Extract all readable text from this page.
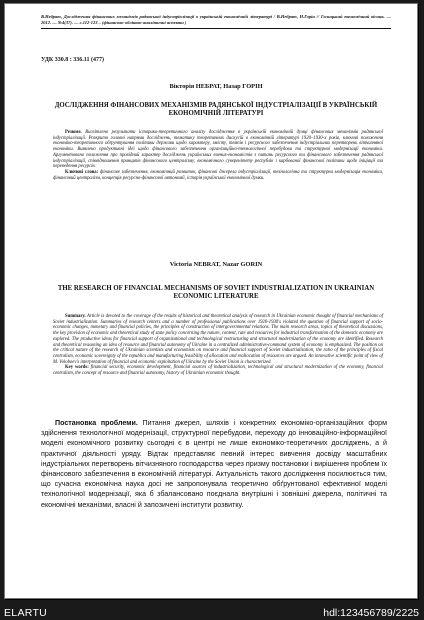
В.Небрат, Дослідження фінансових механізмів радянської індустріалізації в українській економічній літературі / В.Небрат, Н.Горін // Галицький економічний вісник. — 2012. — №4(37). — с.112-123 – (фінансово-обліково-аналітичні аспекти )
УДК 330.8 : 336.11 (477)
Вікторія НЕБРАТ, Назар ГОРІН
ДОСЛІДЖЕННЯ ФІНАНСОВИХ МЕХАНІЗМІВ РАДЯНСЬКОЇ ІНДУСТРІАЛІЗАЦІЇ В УКРАЇНСЬКІЙ ЕКОНОМІЧНІЙ ЛІТЕРАТУРІ

Резюме. Висвітлено результати історико-теоретичного аналізу дослідження в українській економічній думці фінансових механізмів радянської індустріалізації. Розкрито головні напрями досліджень, тематику теоретичних дискусій в економічній літературі 1920–1930-х років, ключові положення економіко-теоретичного обґрунтування політики держави щодо характеру, змісту, темпів і ресурсного забезпечення індустріальних перетворень вітчизняної економіки. Виявлено продуктивні ідеї щодо фінансового забезпечення організаційно-технологічної перебудови та структурної модернізації економіки. Аргументовано положення про провідний характер досліджень українських вчених-економістів з питань ресурсного та фінансового забезпечення радянської індустріалізації, співвідношення принципів фінансового централізму, економічного суверенітету республік і карбованої фінансової політики щодо ініціації та переведення ресурсів.

Ключові слова: фінансове забезпечення, економічний розвиток, фінансові джерела індустріалізації, технологічна та структурна модернізація економіки, фінансовий централізм, концепція ресурсно-фінансової автономії, історія української економічної думки.

Victoria NEBRAT, Nazar GORIN
THE RESEARCH OF FINANCIAL MECHANISMS OF SOVIET INDUSTRIALIZATION IN UKRAINIAN ECONOMIC LITERATURE

Summary. Article is devoted to the coverage of the results of historical and theoretical analysis of research in Ukrainian economic thought of financial mechanisms of Soviet industrialization. Summaries of research centers and a number of professional publications over 1920-1930's violated the question of financial support of socio-economic changes, monetary and financial policies, the principles of construction of intergovernmental relations. The main research areas, topics of theoretical discussions, the key provision of economic and theoretical study of state policy concerning the nature, content, rate and resources for industrial transformation of the domestic economy are explored. The productive ideas for financial support of organizational and technological restructuring and structural modernization of the economy are identified. Research and theoretical reasoning an idea of resource and financial autonomy of Ukraine in a centralized administrative-command system of economy is emphasized. The position on the critical nature of the research of Ukrainian scientists and economists on resource and financial support of Soviet industrialization, the ratio of the principles of fiscal centralism, economic sovereignty of the republics and manufacturing feasibility of allocation and reallocation of resources are argued. An innovative scientific point of view of M. Voloboev's interpretation of financial and economic exploitation of Ukraine by the Soviet Union is characterized.

Key words: financial security, economic development, financial sources of industrialization, technological and structural modernization of the economy, financial centralism, the concept of resource and financial autonomy, history of Ukrainian economic thought.

Постановка проблеми. Питання джерел, шляхів і конкретних економіко-організаційних форм здійснення технологічної модернізації, структурної перебудови, переходу до інноваційно-інформаційної моделі економічного розвитку сьогодні є в центрі не лише економіко-теоретичних досліджень, а й практичної діяльності уряду. Відтак представляє певний інтерес вивчення досвіду масштабних індустріальних перетворень вітчизняного господарства через призму постановки і вирішення проблем їх фінансового забезпечення в економічній літературі. Актуальність такого дослідження посилюється тим, що сучасна економічна наука досі не запропонувала теоретично обґрунтованої ефективної моделі технологічної модернізації, яка б збалансовано поєднала внутрішні і зовнішні джерела, політичні та економічні механізми, власні й запозичені інститути розвитку.
ELARTU	hdl:123456789/2225
